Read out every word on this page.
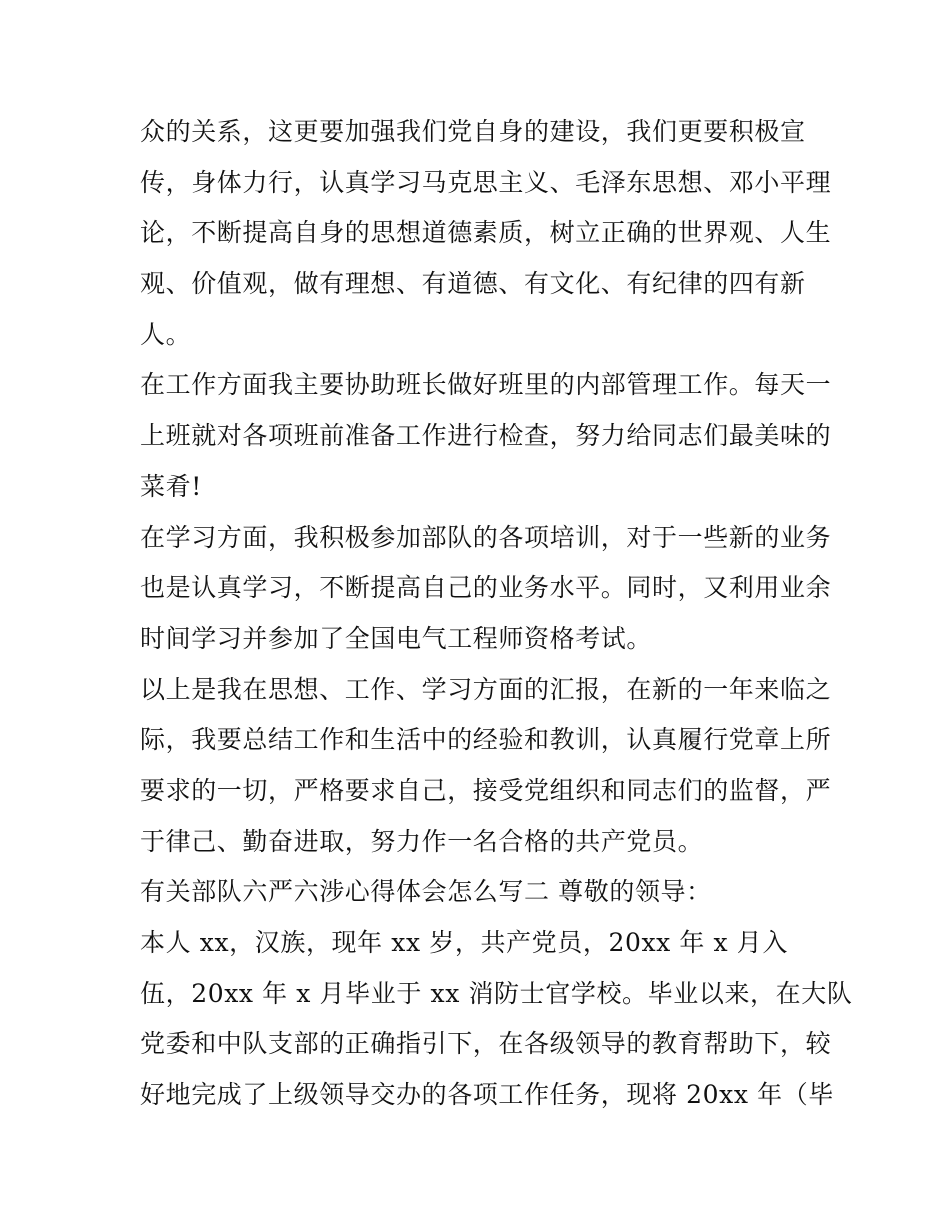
众的关系，这更要加强我们党自身的建设，我们更要积极宣
传，身体力行，认真学习马克思主义、毛泽东思想、邓小平理
论，不断提高自身的思想道德素质，树立正确的世界观、人生
观、价值观，做有理想、有道德、有文化、有纪律的四有新
人。
在工作方面我主要协助班长做好班里的内部管理工作。每天一
上班就对各项班前准备工作进行检查，努力给同志们最美味的
菜肴!
在学习方面，我积极参加部队的各项培训，对于一些新的业务
也是认真学习，不断提高自己的业务水平。同时，又利用业余
时间学习并参加了全国电气工程师资格考试。
以上是我在思想、工作、学习方面的汇报，在新的一年来临之
际，我要总结工作和生活中的经验和教训，认真履行党章上所
要求的一切，严格要求自己，接受党组织和同志们的监督，严
于律己、勤奋进取，努力作一名合格的共产党员。
有关部队六严六涉心得体会怎么写二 尊敬的领导：
本人 xx，汉族，现年 xx 岁，共产党员，20xx 年 x 月入
伍，20xx 年 x 月毕业于 xx 消防士官学校。毕业以来，在大队
党委和中队支部的正确指引下，在各级领导的教育帮助下，较
好地完成了上级领导交办的各项工作任务，现将 20xx 年（毕
